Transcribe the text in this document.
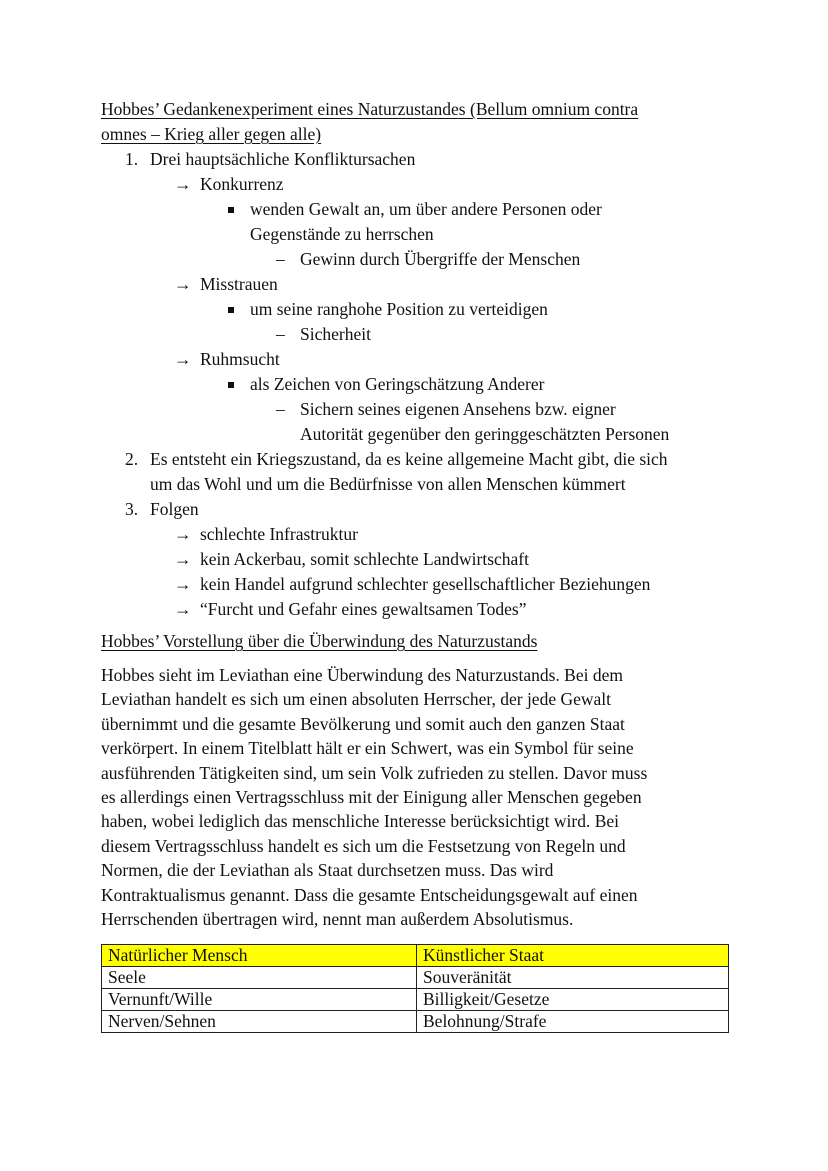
Hobbes’ Gedankenexperiment eines Naturzustandes (Bellum omnium contra
omnes – Krieg aller gegen alle)
1. Drei hauptsächliche Konfliktursachen
→ Konkurrenz
wenden Gewalt an, um über andere Personen oder
Gegenstände zu herrschen
– Gewinn durch Übergriffe der Menschen
→ Misstrauen
um seine ranghohe Position zu verteidigen
– Sicherheit
→ Ruhmsucht
als Zeichen von Geringschätzung Anderer
– Sichern seines eigenen Ansehens bzw. eigner
Autorität gegenüber den geringgeschätzten Personen
2. Es entsteht ein Kriegszustand, da es keine allgemeine Macht gibt, die sich
um das Wohl und um die Bedürfnisse von allen Menschen kümmert
3. Folgen
→ schlechte Infrastruktur
→ kein Ackerbau, somit schlechte Landwirtschaft
→ kein Handel aufgrund schlechter gesellschaftlicher Beziehungen
→ “Furcht und Gefahr eines gewaltsamen Todes”
Hobbes’ Vorstellung über die Überwindung des Naturzustands
Hobbes sieht im Leviathan eine Überwindung des Naturzustands. Bei dem
Leviathan handelt es sich um einen absoluten Herrscher, der jede Gewalt
übernimmt und die gesamte Bevölkerung und somit auch den ganzen Staat
verkörpert. In einem Titelblatt hält er ein Schwert, was ein Symbol für seine
ausführenden Tätigkeiten sind, um sein Volk zufrieden zu stellen. Davor muss
es allerdings einen Vertragsschluss mit der Einigung aller Menschen gegeben
haben, wobei lediglich das menschliche Interesse berücksichtigt wird. Bei
diesem Vertragsschluss handelt es sich um die Festsetzung von Regeln und
Normen, die der Leviathan als Staat durchsetzen muss. Das wird
Kontraktualismus genannt. Dass die gesamte Entscheidungsgewalt auf einen
Herrschenden übertragen wird, nennt man außerdem Absolutismus.
Natürlicher Mensch	Künstlicher Staat
Seele	Souveränität
Vernunft/Wille	Billigkeit/Gesetze
Nerven/Sehnen	Belohnung/Strafe
